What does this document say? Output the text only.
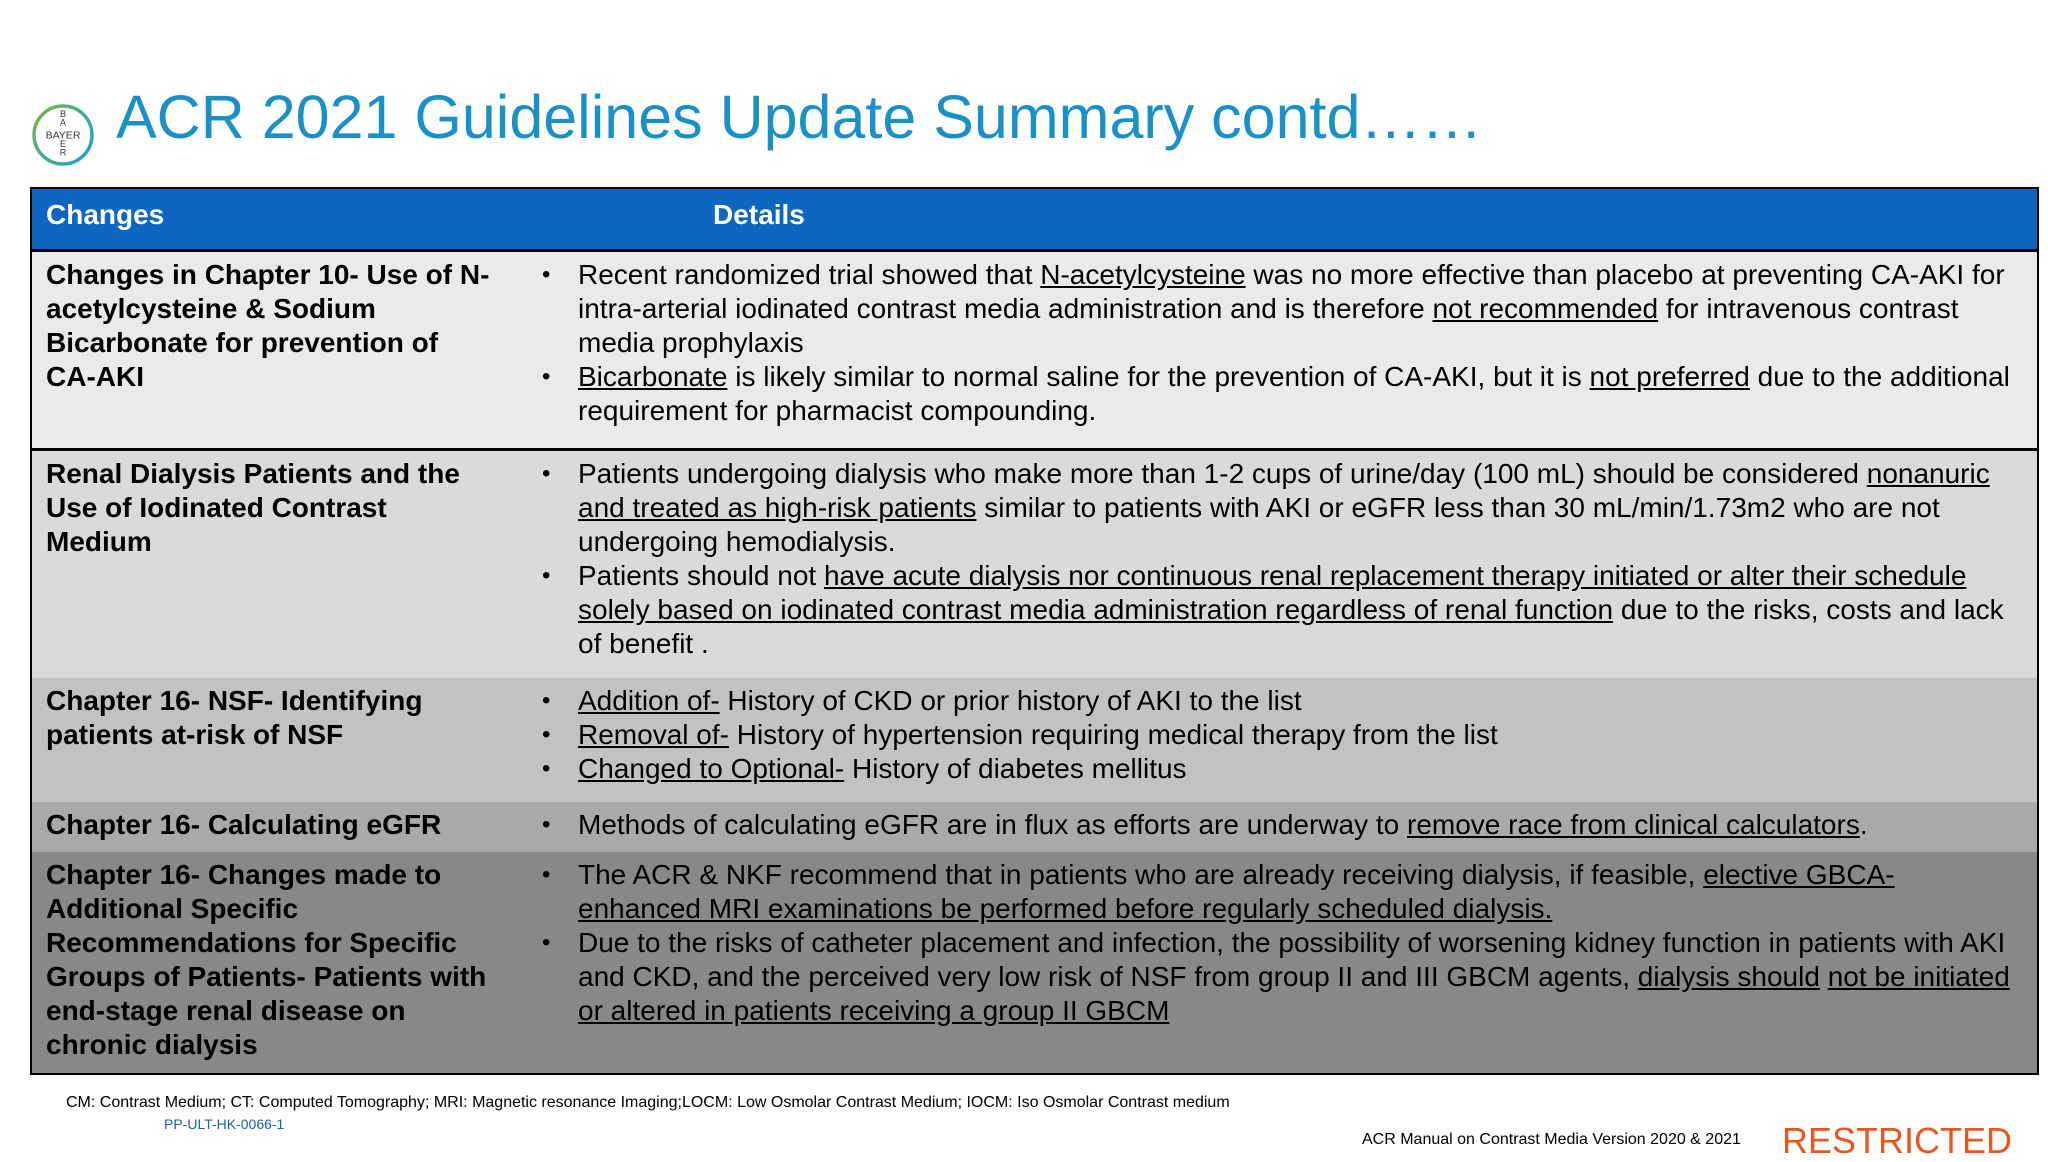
BAYER
B A E R
ACR 2021 Guidelines Update Summary contd……
Changes	Details
Changes in Chapter 10- Use of N-acetylcysteine & Sodium Bicarbonate for prevention of CA-AKI
• Recent randomized trial showed that N-acetylcysteine was no more effective than placebo at preventing CA-AKI for intra-arterial iodinated contrast media administration and is therefore not recommended for intravenous contrast media prophylaxis
• Bicarbonate is likely similar to normal saline for the prevention of CA-AKI, but it is not preferred due to the additional requirement for pharmacist compounding.
Renal Dialysis Patients and the Use of Iodinated Contrast Medium
• Patients undergoing dialysis who make more than 1-2 cups of urine/day (100 mL) should be considered nonanuric and treated as high-risk patients similar to patients with AKI or eGFR less than 30 mL/min/1.73m2 who are not undergoing hemodialysis.
• Patients should not have acute dialysis nor continuous renal replacement therapy initiated or alter their schedule solely based on iodinated contrast media administration regardless of renal function due to the risks, costs and lack of benefit .
Chapter 16- NSF- Identifying patients at-risk of NSF
• Addition of- History of CKD or prior history of AKI to the list
• Removal of- History of hypertension requiring medical therapy from the list
• Changed to Optional- History of diabetes mellitus
Chapter 16- Calculating eGFR	• Methods of calculating eGFR are in flux as efforts are underway to remove race from clinical calculators.
Chapter 16- Changes made to Additional Specific Recommendations for Specific Groups of Patients- Patients with end-stage renal disease on chronic dialysis
• The ACR & NKF recommend that in patients who are already receiving dialysis, if feasible, elective GBCA- enhanced MRI examinations be performed before regularly scheduled dialysis.
• Due to the risks of catheter placement and infection, the possibility of worsening kidney function in patients with AKI and CKD, and the perceived very low risk of NSF from group II and III GBCM agents, dialysis should not be initiated or altered in patients receiving a group II GBCM
CM: Contrast Medium; CT: Computed Tomography; MRI: Magnetic resonance Imaging;LOCM: Low Osmolar Contrast Medium; IOCM: Iso Osmolar Contrast medium
PP-ULT-HK-0066-1
ACR Manual on Contrast Media Version 2020 & 2021 RESTRICTED
